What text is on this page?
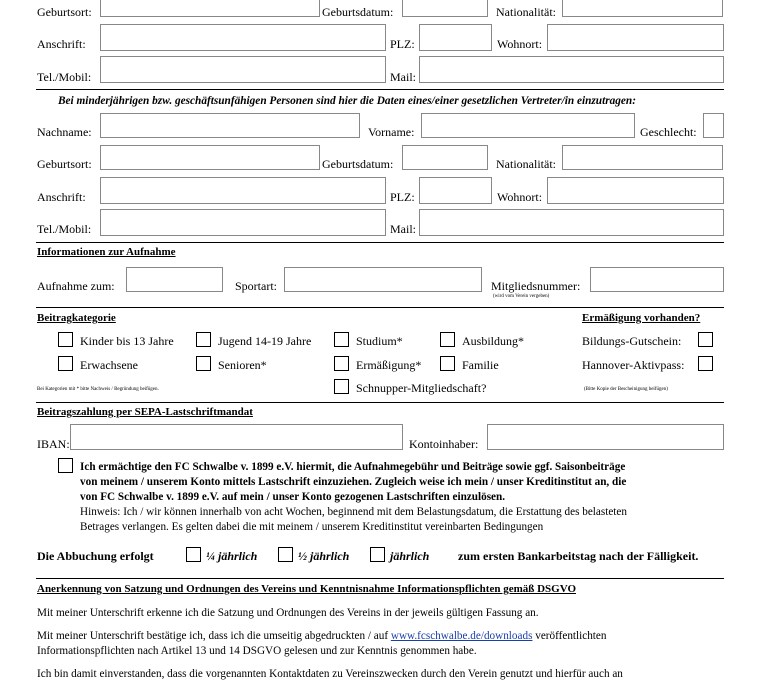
Geburtsort:	Geburtsdatum:	Nationalität:
Anschrift:	PLZ:	Wohnort:
Tel./Mobil:	Mail:
Bei minderjährigen bzw. geschäftsunfähigen Personen sind hier die Daten eines/einer gesetzlichen Vertreter/in einzutragen:
Nachname:	Vorname:	Geschlecht:
Geburtsort:	Geburtsdatum:	Nationalität:
Anschrift:	PLZ:	Wohnort:
Tel./Mobil:	Mail:
Informationen zur Aufnahme
Aufnahme zum:	Sportart:	Mitgliedsnummer:
(wird vom Verein vergeben)
Beitragkategorie	Ermäßigung vorhanden?
Kinder bis 13 Jahre	Jugend 14-19 Jahre	Studium*	Ausbildung*	Bildungs-Gutschein:
Erwachsene	Senioren*	Ermäßigung*	Familie	Hannover-Aktivpass:
Bei Kategorien mit * bitte Nachweis / Begründung beifügen.	Schnupper-Mitgliedschaft?	(Bitte Kopie der Bescheinigung beifügen)
Beitragszahlung per SEPA-Lastschriftmandat
IBAN:	Kontoinhaber:
Ich ermächtige den FC Schwalbe v. 1899 e.V. hiermit, die Aufnahmegebühr und Beiträge sowie ggf. Saisonbeiträge
von meinem / unserem Konto mittels Lastschrift einzuziehen. Zugleich weise ich mein / unser Kreditinstitut an, die
von FC Schwalbe v. 1899 e.V. auf mein / unser Konto gezogenen Lastschriften einzulösen.
Hinweis: Ich / wir können innerhalb von acht Wochen, beginnend mit dem Belastungsdatum, die Erstattung des belasteten
Betrages verlangen. Es gelten dabei die mit meinem / unserem Kreditinstitut vereinbarten Bedingungen
Die Abbuchung erfolgt	¼ jährlich	½ jährlich	jährlich zum ersten Bankarbeitstag nach der Fälligkeit.
Anerkennung von Satzung und Ordnungen des Vereins und Kenntnisnahme Informationspflichten gemäß DSGVO
Mit meiner Unterschrift erkenne ich die Satzung und Ordnungen des Vereins in der jeweils gültigen Fassung an.
Mit meiner Unterschrift bestätige ich, dass ich die umseitig abgedruckten / auf www.fcschwalbe.de/downloads veröffentlichten
Informationspflichten nach Artikel 13 und 14 DSGVO gelesen und zur Kenntnis genommen habe.
Ich bin damit einverstanden, dass die vorgenannten Kontaktdaten zu Vereinszwecken durch den Verein genutzt und hierfür auch an
